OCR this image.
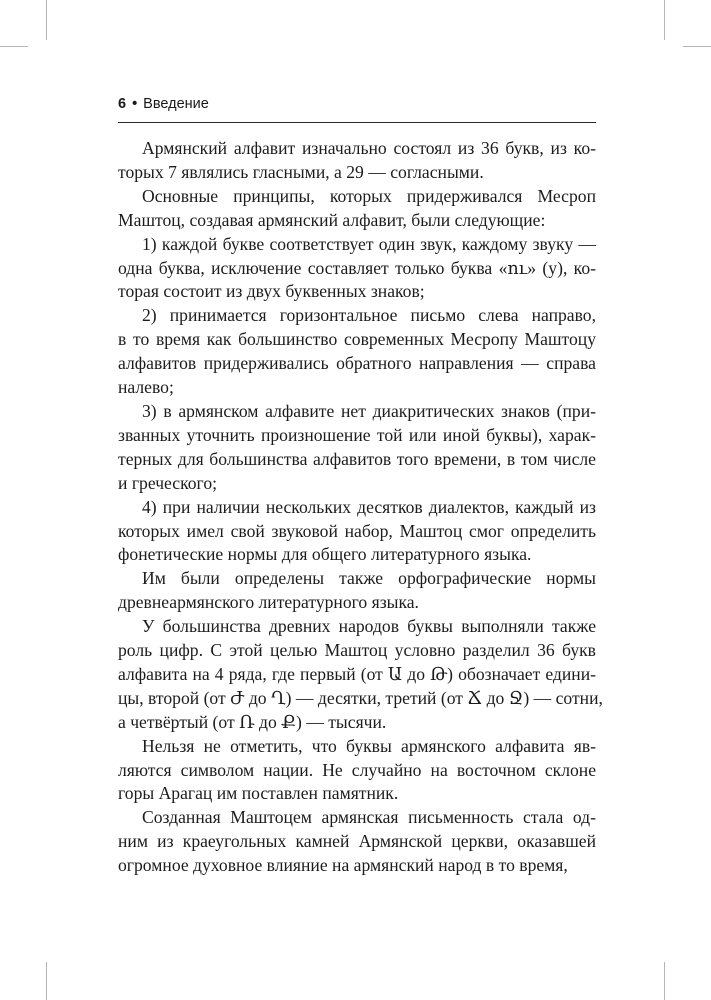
6 • Введение
Армянский алфавит изначально состоял из 36 букв, из ко-
торых 7 являлись гласными, а 29 — согласными.
Основные принципы, которых придерживался Месроп
Маштоц, создавая армянский алфавит, были следующие:
1) каждой букве соответствует один звук, каждому звуку —
одна буква, исключение составляет только буква «ու» (у), ко-
торая состоит из двух буквенных знаков;
2) принимается горизонтальное письмо слева направо,
в то время как большинство современных Месропу Маштоцу
алфавитов придерживались обратного направления — справа
налево;
3) в армянском алфавите нет диакритических знаков (при-
званных уточнить произношение той или иной буквы), харак-
терных для большинства алфавитов того времени, в том числе
и греческого;
4) при наличии нескольких десятков диалектов, каждый из
которых имел свой звуковой набор, Маштоц смог определить
фонетические нормы для общего литературного языка.
Им были определены также орфографические нормы
древнеармянского литературного языка.
У большинства древних народов буквы выполняли также
роль цифр. С этой целью Маштоц условно разделил 36 букв
алфавита на 4 ряда, где первый (от Ա до Թ) обозначает едини-
цы, второй (от Ժ до Ղ) — десятки, третий (от Ճ до Ջ) — сотни,
а четвёртый (от Ռ до Ք) — тысячи.
Нельзя не отметить, что буквы армянского алфавита яв-
ляются символом нации. Не случайно на восточном склоне
горы Арагац им поставлен памятник.
Созданная Маштоцем армянская письменность стала од-
ним из краеугольных камней Армянской церкви, оказавшей
огромное духовное влияние на армянский народ в то время,
